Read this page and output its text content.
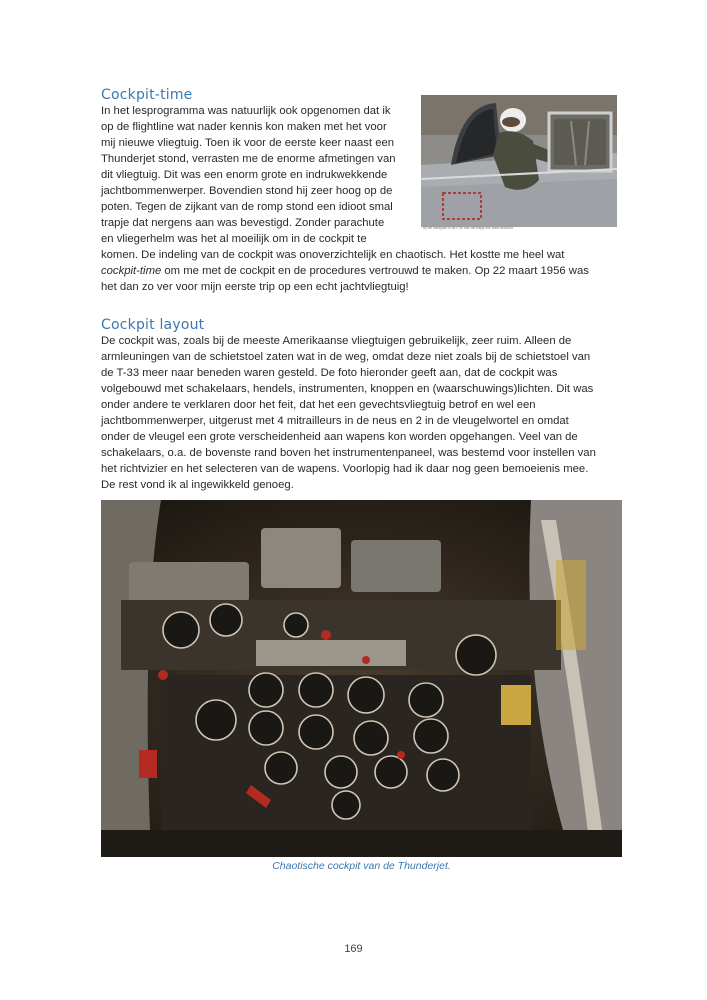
Cockpit-time
In het lesprogramma was natuurlijk ook opgenomen dat ik
op de flightline wat nader kennis kon maken met het voor
mij nieuwe vliegtuig. Toen ik voor de eerste keer naast een
Thunderjet stond, verrasten me de enorme afmetingen van
dit vliegtuig. Dit was een enorm grote en indrukwekkende
jachtbommenwerper. Bovendien stond hij zeer hoog op de
poten. Tegen de zijkant van de romp stond een idioot smal
trapje dat nergens aan was bevestigd. Zonder parachute
en vliegerhelm was het al moeilijk om in de cockpit te
komen. De indeling van de cockpit was onoverzichtelijk en chaotisch. Het kostte me heel wat
cockpit-time om me met de cockpit en de procedures vertrouwd te maken. Op 22 maart 1956 was
het dan zo ver voor mijn eerste trip op een echt jachtvliegtuig!
Bij het instappen in de F-84 was het trapje een waar avontuur.
Cockpit layout
De cockpit was, zoals bij de meeste Amerikaanse vliegtuigen gebruikelijk, zeer ruim. Alleen de
armleuningen van de schietstoel zaten wat in de weg, omdat deze niet zoals bij de schietstoel van
de T-33 meer naar beneden waren gesteld. De foto hieronder geeft aan, dat de cockpit was
volgebouwd met schakelaars, hendels, instrumenten, knoppen en (waarschuwings)lichten. Dit was
onder andere te verklaren door het feit, dat het een gevechtsvliegtuig betrof en wel een
jachtbommenwerper, uitgerust met 4 mitrailleurs in de neus en 2 in de vleugelwortel en omdat
onder de vleugel een grote verscheidenheid aan wapens kon worden opgehangen. Veel van de
schakelaars, o.a. de bovenste rand boven het instrumentenpaneel, was bestemd voor instellen van
het richtvizier en het selecteren van de wapens. Voorlopig had ik daar nog geen bemoeienis mee.
De rest vond ik al ingewikkeld genoeg.
Chaotische cockpit van de Thunderjet.
169
